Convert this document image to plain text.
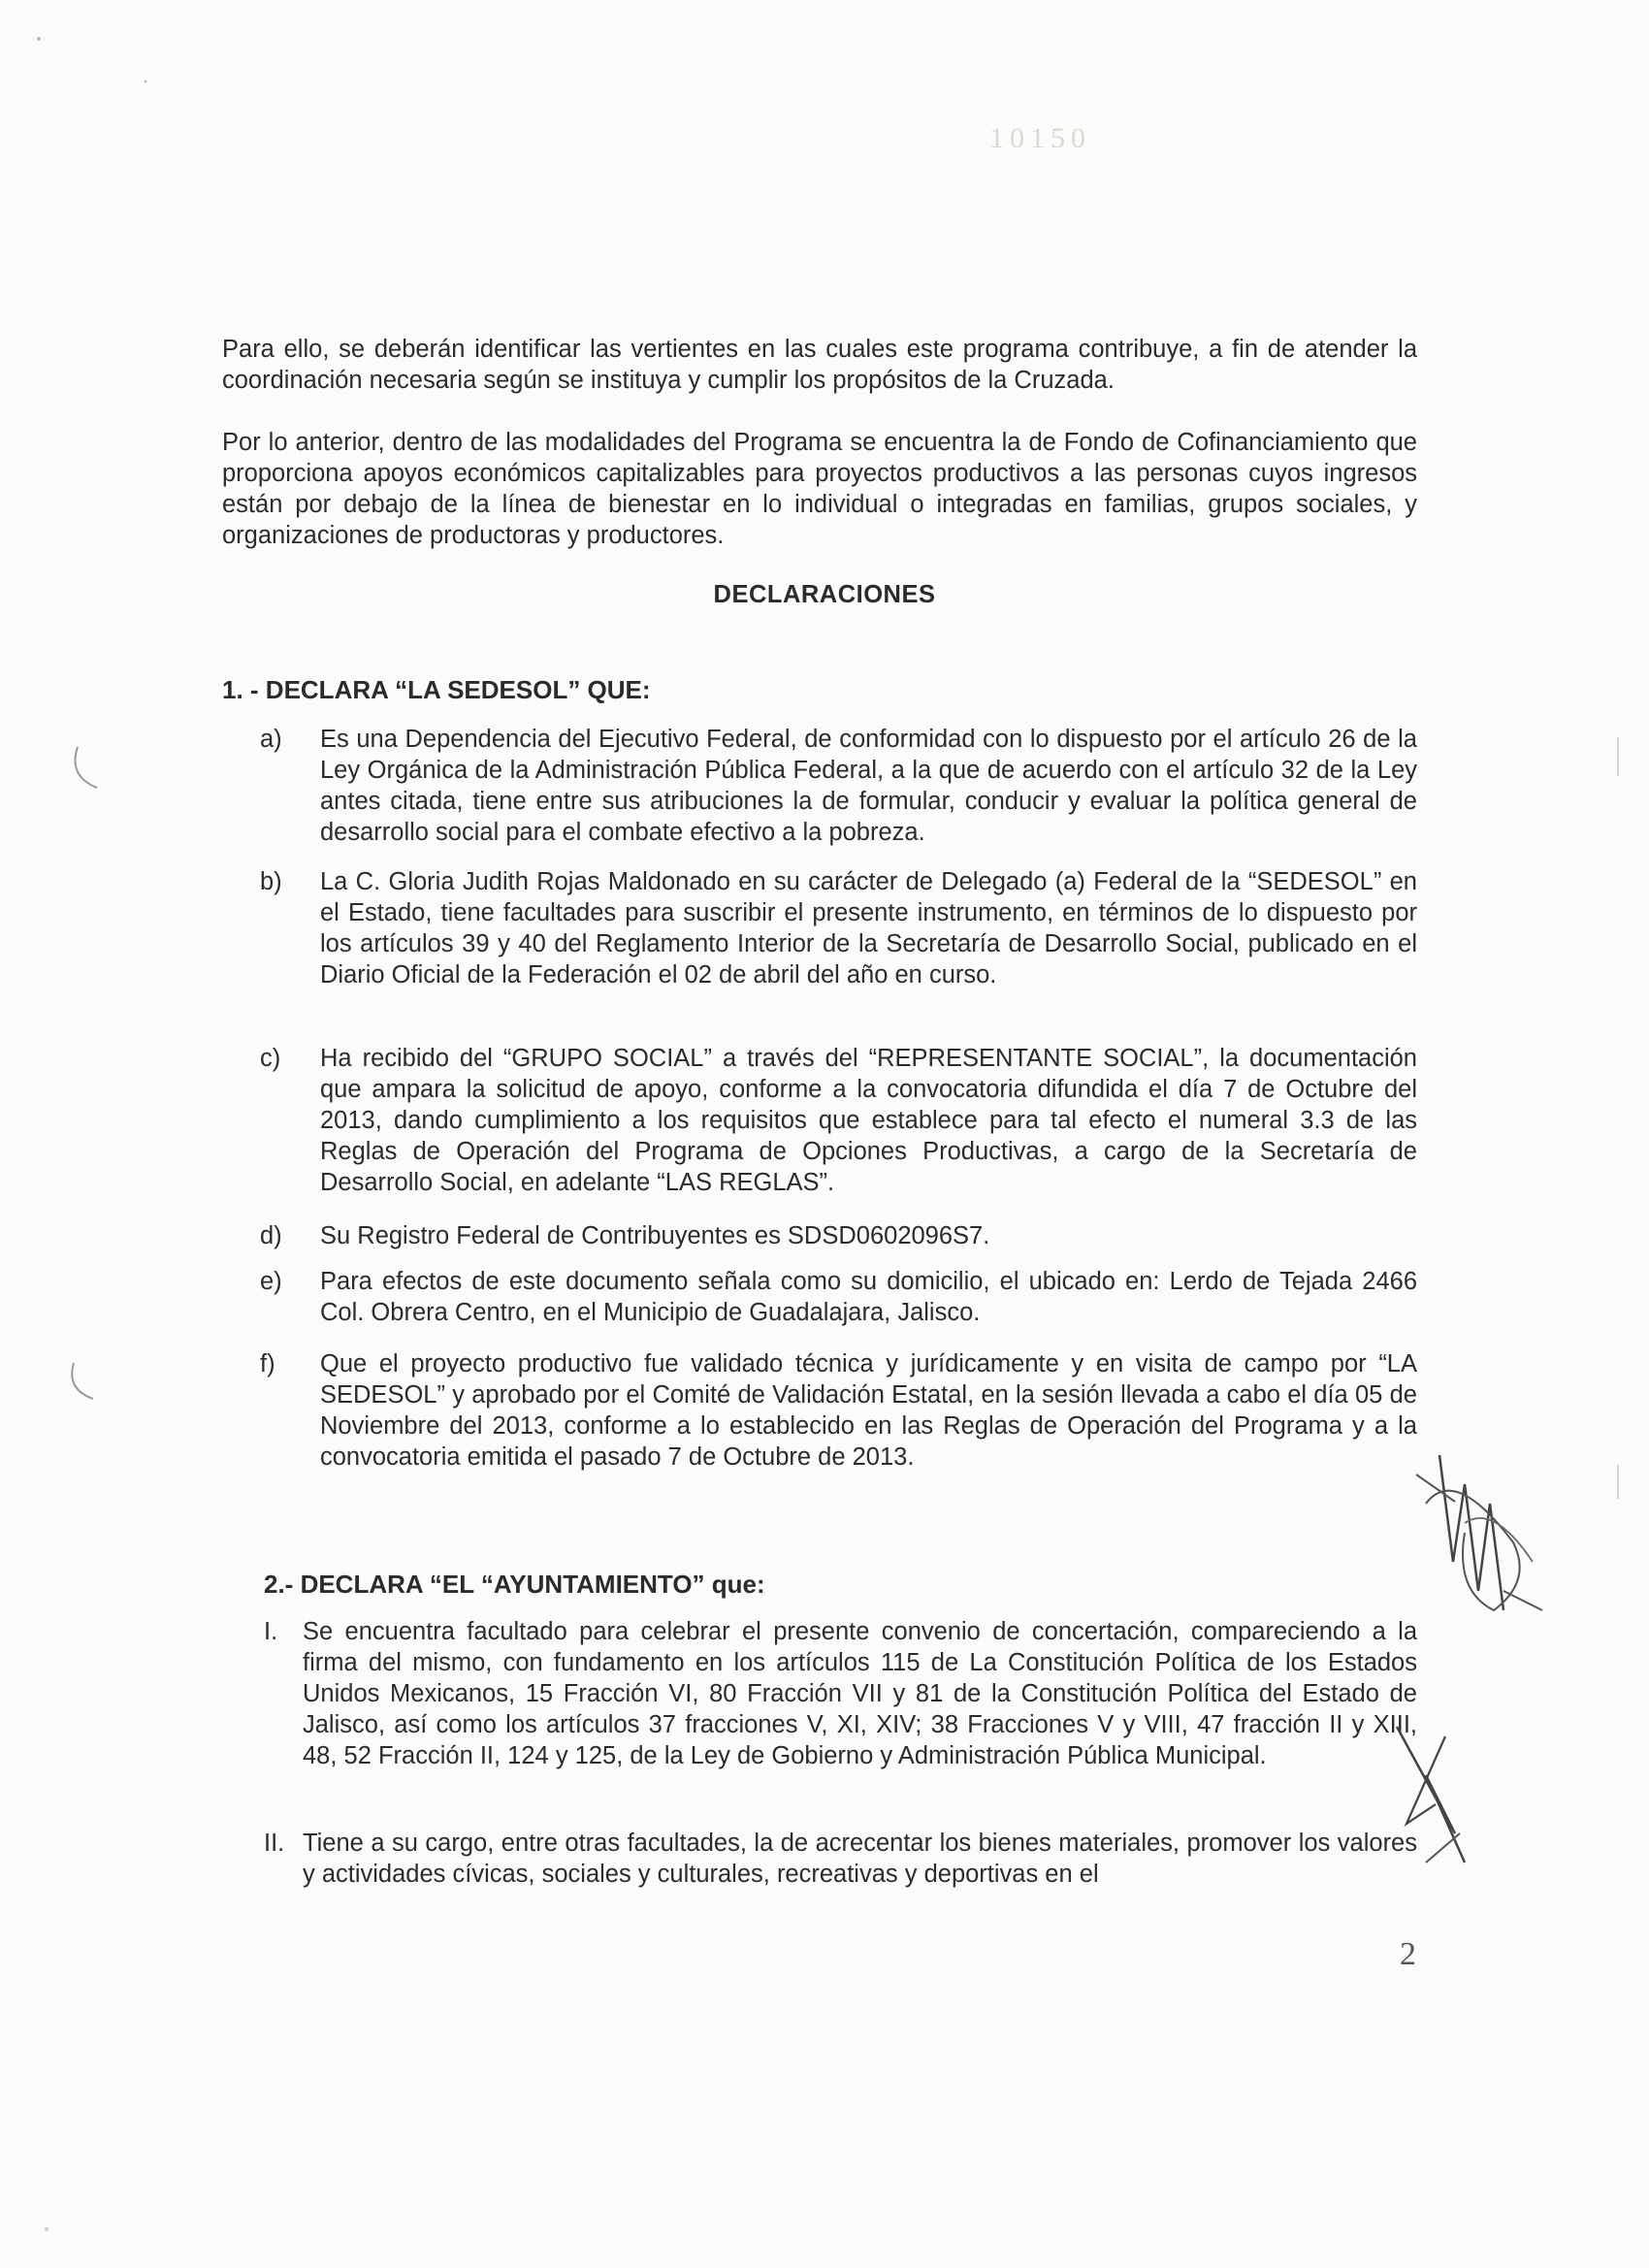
10150

Para ello, se deberán identificar las vertientes en las cuales este programa contribuye, a fin de atender la coordinación necesaria según se instituya y cumplir los propósitos de la Cruzada.

Por lo anterior, dentro de las modalidades del Programa se encuentra la de Fondo de Cofinanciamiento que proporciona apoyos económicos capitalizables para proyectos productivos a las personas cuyos ingresos están por debajo de la línea de bienestar en lo individual o integradas en familias, grupos sociales, y organizaciones de productoras y productores.

DECLARACIONES
1. - DECLARA “LA SEDESOL” QUE:
a) Es una Dependencia del Ejecutivo Federal, de conformidad con lo dispuesto por el artículo 26 de la Ley Orgánica de la Administración Pública Federal, a la que de acuerdo con el artículo 32 de la Ley antes citada, tiene entre sus atribuciones la de formular, conducir y evaluar la política general de desarrollo social para el combate efectivo a la pobreza.
b) La C. Gloria Judith Rojas Maldonado en su carácter de Delegado (a) Federal de la “SEDESOL” en el Estado, tiene facultades para suscribir el presente instrumento, en términos de lo dispuesto por los artículos 39 y 40 del Reglamento Interior de la Secretaría de Desarrollo Social, publicado en el Diario Oficial de la Federación el 02 de abril del año en curso.
c) Ha recibido del “GRUPO SOCIAL” a través del “REPRESENTANTE SOCIAL”, la documentación que ampara la solicitud de apoyo, conforme a la convocatoria difundida el día 7 de Octubre del 2013, dando cumplimiento a los requisitos que establece para tal efecto el numeral 3.3 de las Reglas de Operación del Programa de Opciones Productivas, a cargo de la Secretaría de Desarrollo Social, en adelante “LAS REGLAS”.
d) Su Registro Federal de Contribuyentes es SDSD0602096S7.
e) Para efectos de este documento señala como su domicilio, el ubicado en: Lerdo de Tejada 2466 Col. Obrera Centro, en el Municipio de Guadalajara, Jalisco.
f) Que el proyecto productivo fue validado técnica y jurídicamente y en visita de campo por “LA SEDESOL” y aprobado por el Comité de Validación Estatal, en la sesión llevada a cabo el día 05 de Noviembre del 2013, conforme a lo establecido en las Reglas de Operación del Programa y a la convocatoria emitida el pasado 7 de Octubre de 2013.
2.- DECLARA “EL “AYUNTAMIENTO” que:
I. Se encuentra facultado para celebrar el presente convenio de concertación, compareciendo a la firma del mismo, con fundamento en los artículos 115 de La Constitución Política de los Estados Unidos Mexicanos, 15 Fracción VI, 80 Fracción VII y 81 de la Constitución Política del Estado de Jalisco, así como los artículos 37 fracciones V, XI, XIV; 38 Fracciones V y VIII, 47 fracción II y XIII, 48, 52 Fracción II, 124 y 125, de la Ley de Gobierno y Administración Pública Municipal.
II. Tiene a su cargo, entre otras facultades, la de acrecentar los bienes materiales, promover los valores y actividades cívicas, sociales y culturales, recreativas y deportivas en el
2
